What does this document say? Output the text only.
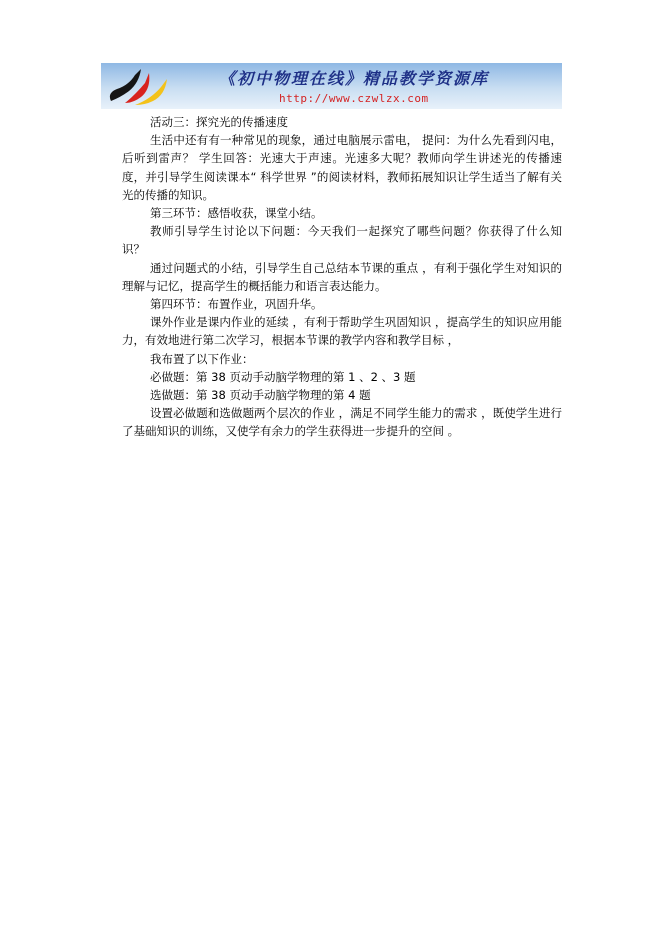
《初中物理在线》精品教学资源库
http://www.czwlzx.com

活动三：探究光的传播速度

生活中还有有一种常见的现象，通过电脑展示雷电， 提问：为什么先看到闪电，后听到雷声？ 学生回答：光速大于声速。光速多大呢？教师向学生讲述光的传播速度，并引导学生阅读课本“ 科学世界 ”的阅读材料，教师拓展知识让学生适当了解有关光的传播的知识。

第三环节：感悟收获，课堂小结。

教师引导学生讨论以下问题：今天我们一起探究了哪些问题？你获得了什么知识？

通过问题式的小结，引导学生自己总结本节课的重点 ，有利于强化学生对知识的理解与记忆，提高学生的概括能力和语言表达能力。

第四环节：布置作业，巩固升华。

课外作业是课内作业的延续 ，有利于帮助学生巩固知识 ，提高学生的知识应用能力，有效地进行第二次学习，根据本节课的教学内容和教学目标 ，

我布置了以下作业：

必做题：第 38 页动手动脑学物理的第 1 、2 、3 题

选做题：第 38 页动手动脑学物理的第 4 题

设置必做题和选做题两个层次的作业 ，满足不同学生能力的需求 ，既使学生进行了基础知识的训练，又使学有余力的学生获得进一步提升的空间 。
